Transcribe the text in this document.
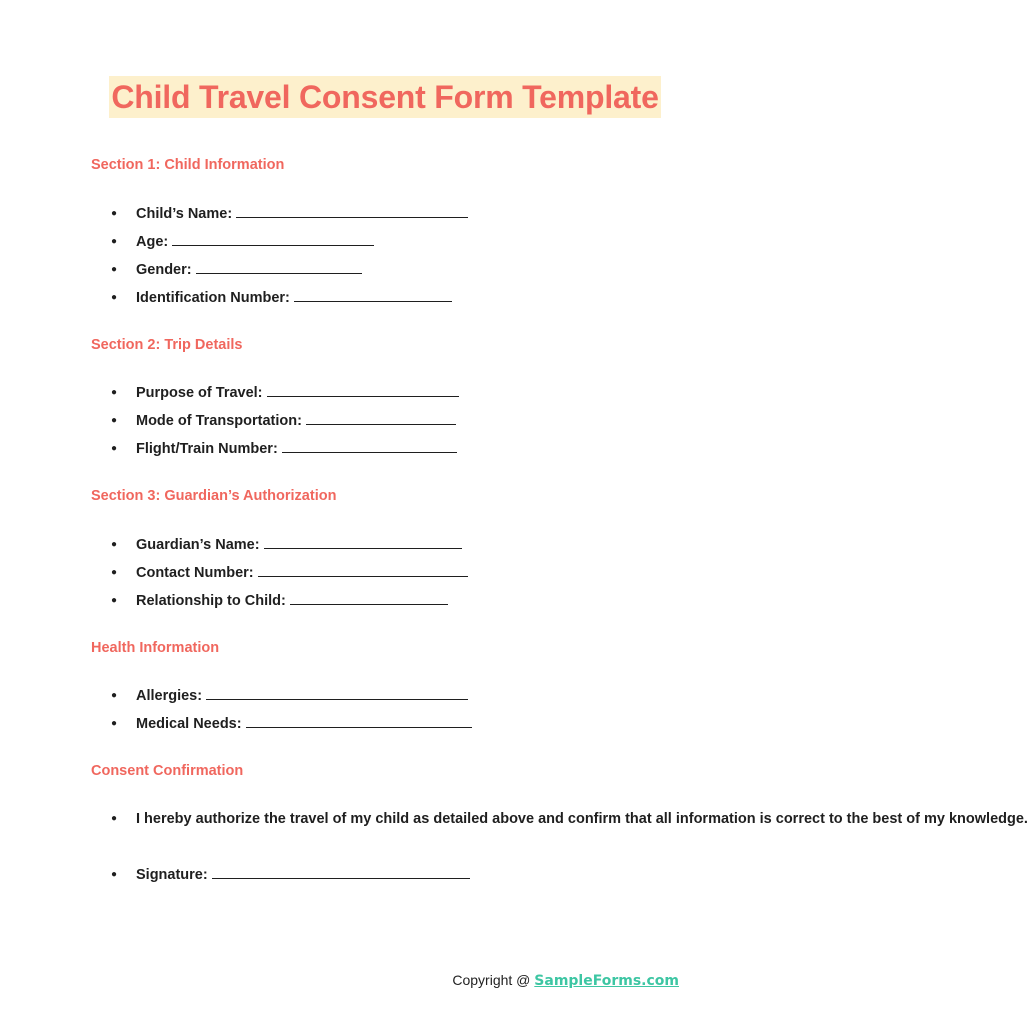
Child Travel Consent Form Template
Section 1: Child Information
● Child’s Name:
● Age:
● Gender:
● Identification Number:
Section 2: Trip Details
● Purpose of Travel:
● Mode of Transportation:
● Flight/Train Number:
Section 3: Guardian’s Authorization
● Guardian’s Name:
● Contact Number:
● Relationship to Child:
Health Information
● Allergies:
● Medical Needs:
Consent Confirmation
● I hereby authorize the travel of my child as detailed above and confirm that all information is correct to the best of my knowledge.
● Signature:
Copyright @ SampleForms.com
